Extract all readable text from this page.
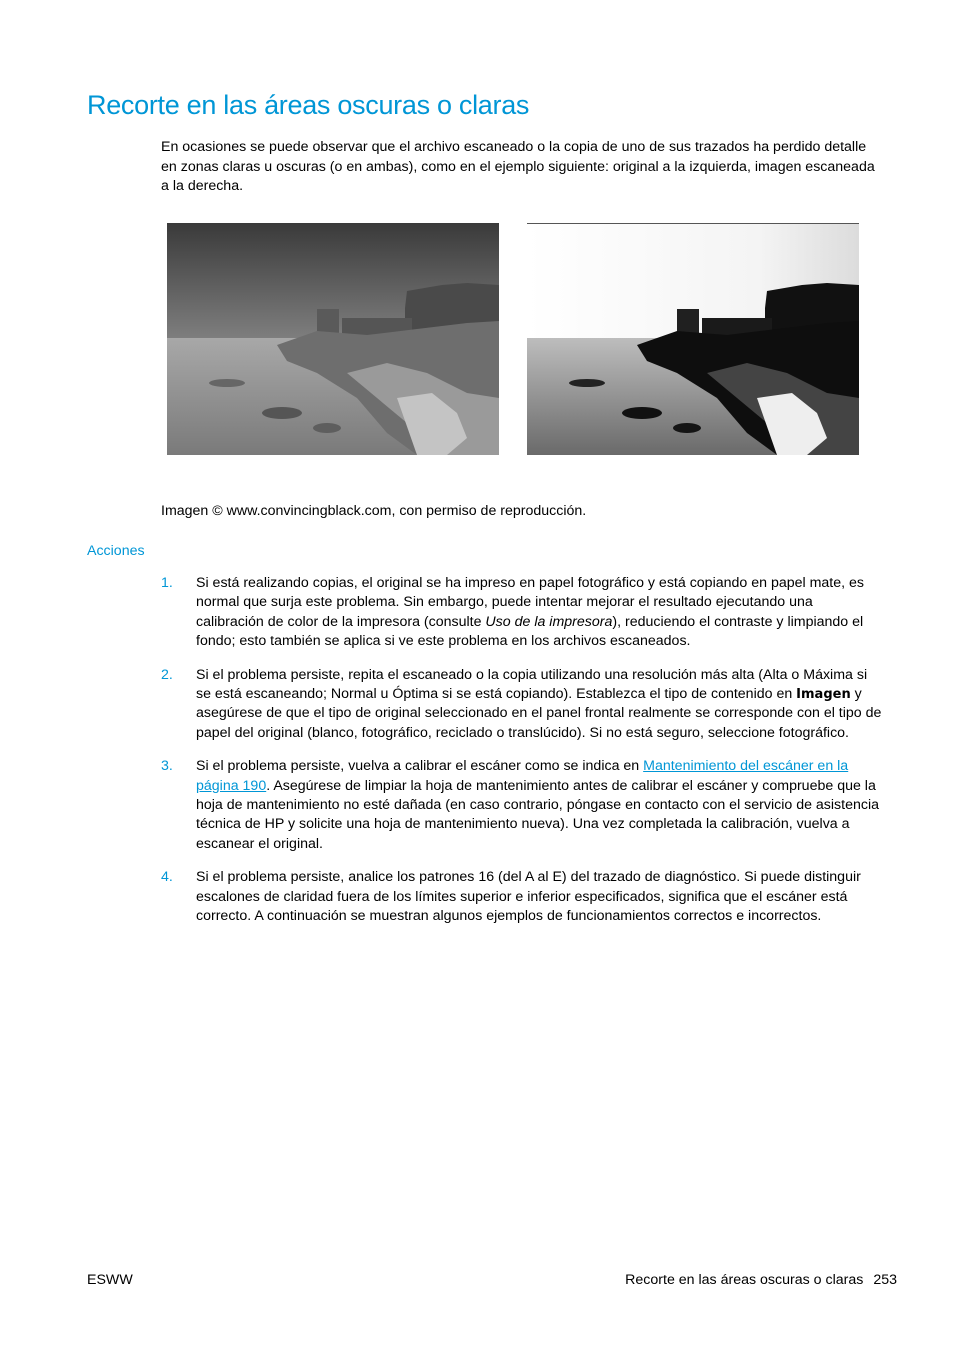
Recorte en las áreas oscuras o claras

En ocasiones se puede observar que el archivo escaneado o la copia de uno de sus trazados ha perdido detalle en zonas claras u oscuras (o en ambas), como en el ejemplo siguiente: original a la izquierda, imagen escaneada a la derecha.

Imagen © www.convincingblack.com, con permiso de reproducción.

Acciones
1. Si está realizando copias, el original se ha impreso en papel fotográfico y está copiando en papel mate, es normal que surja este problema. Sin embargo, puede intentar mejorar el resultado ejecutando una calibración de color de la impresora (consulte Uso de la impresora), reduciendo el contraste y limpiando el fondo; esto también se aplica si ve este problema en los archivos escaneados.
2. Si el problema persiste, repita el escaneado o la copia utilizando una resolución más alta (Alta o Máxima si se está escaneando; Normal u Óptima si se está copiando). Establezca el tipo de contenido en Imagen y asegúrese de que el tipo de original seleccionado en el panel frontal realmente se corresponde con el tipo de papel del original (blanco, fotográfico, reciclado o translúcido). Si no está seguro, seleccione fotográfico.
3. Si el problema persiste, vuelva a calibrar el escáner como se indica en Mantenimiento del escáner en la página 190. Asegúrese de limpiar la hoja de mantenimiento antes de calibrar el escáner y compruebe que la hoja de mantenimiento no esté dañada (en caso contrario, póngase en contacto con el servicio de asistencia técnica de HP y solicite una hoja de mantenimiento nueva). Una vez completada la calibración, vuelva a escanear el original.
4. Si el problema persiste, analice los patrones 16 (del A al E) del trazado de diagnóstico. Si puede distinguir escalones de claridad fuera de los límites superior e inferior especificados, significa que el escáner está correcto. A continuación se muestran algunos ejemplos de funcionamientos correctos e incorrectos.
ESWW	Recorte en las áreas oscuras o claras 253
